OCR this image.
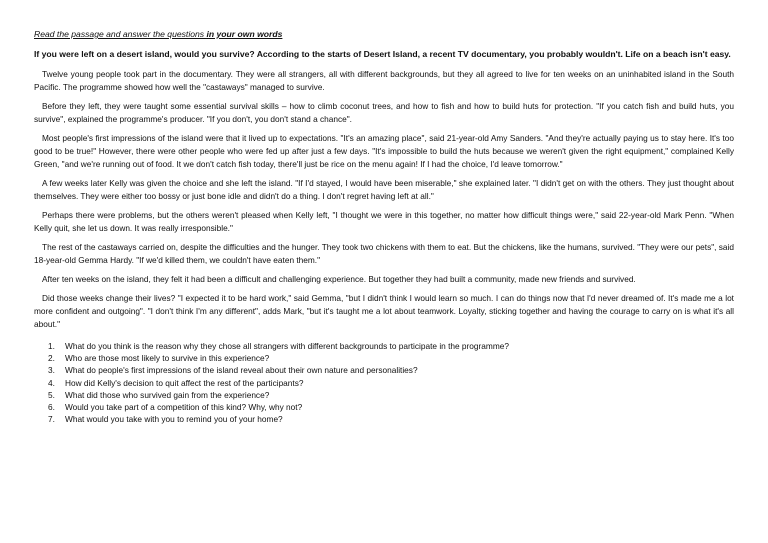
Read the passage and answer the questions in your own words

If you were left on a desert island, would you survive? According to the starts of Desert Island, a recent TV documentary, you probably wouldn't. Life on a beach isn't easy.

Twelve young people took part in the documentary. They were all strangers, all with different backgrounds, but they all agreed to live for ten weeks on an uninhabited island in the South Pacific. The programme showed how well the "castaways" managed to survive.

Before they left, they were taught some essential survival skills – how to climb coconut trees, and how to fish and how to build huts for protection. "If you catch fish and build huts, you survive", explained the programme's producer. "If you don't, you don't stand a chance".

Most people's first impressions of the island were that it lived up to expectations. "It's an amazing place", said 21-year-old Amy Sanders. "And they're actually paying us to stay here. It's too good to be true!" However, there were other people who were fed up after just a few days. "It's impossible to build the huts because we weren't given the right equipment," complained Kelly Green, "and we're running out of food. It we don't catch fish today, there'll just be rice on the menu again! If I had the choice, I'd leave tomorrow."

A few weeks later Kelly was given the choice and she left the island. "If I'd stayed, I would have been miserable," she explained later. "I didn't get on with the others. They just thought about themselves. They were either too bossy or just bone idle and didn't do a thing. I don't regret having left at all."

Perhaps there were problems, but the others weren't pleased when Kelly left, "I thought we were in this together, no matter how difficult things were," said 22-year-old Mark Penn. "When Kelly quit, she let us down. It was really irresponsible."

The rest of the castaways carried on, despite the difficulties and the hunger. They took two chickens with them to eat. But the chickens, like the humans, survived. "They were our pets", said 18-year-old Gemma Hardy. "If we'd killed them, we couldn't have eaten them."

After ten weeks on the island, they felt it had been a difficult and challenging experience. But together they had built a community, made new friends and survived.

Did those weeks change their lives? "I expected it to be hard work," said Gemma, "but I didn't think I would learn so much. I can do things now that I'd never dreamed of. It's made me a lot more confident and outgoing". "I don't think I'm any different", adds Mark, "but it's taught me a lot about teamwork. Loyalty, sticking together and having the courage to carry on is what it's all about."

1.	What do you think is the reason why they chose all strangers with different backgrounds to participate in the programme?
2.	Who are those most likely to survive in this experience?
3.	What do people's first impressions of the island reveal about their own nature and personalities?
4.	How did Kelly's decision to quit affect the rest of the participants?
5.	What did those who survived gain from the experience?
6.	Would you take part of a competition of this kind? Why, why not?
7.	What would you take with you to remind you of your home?
